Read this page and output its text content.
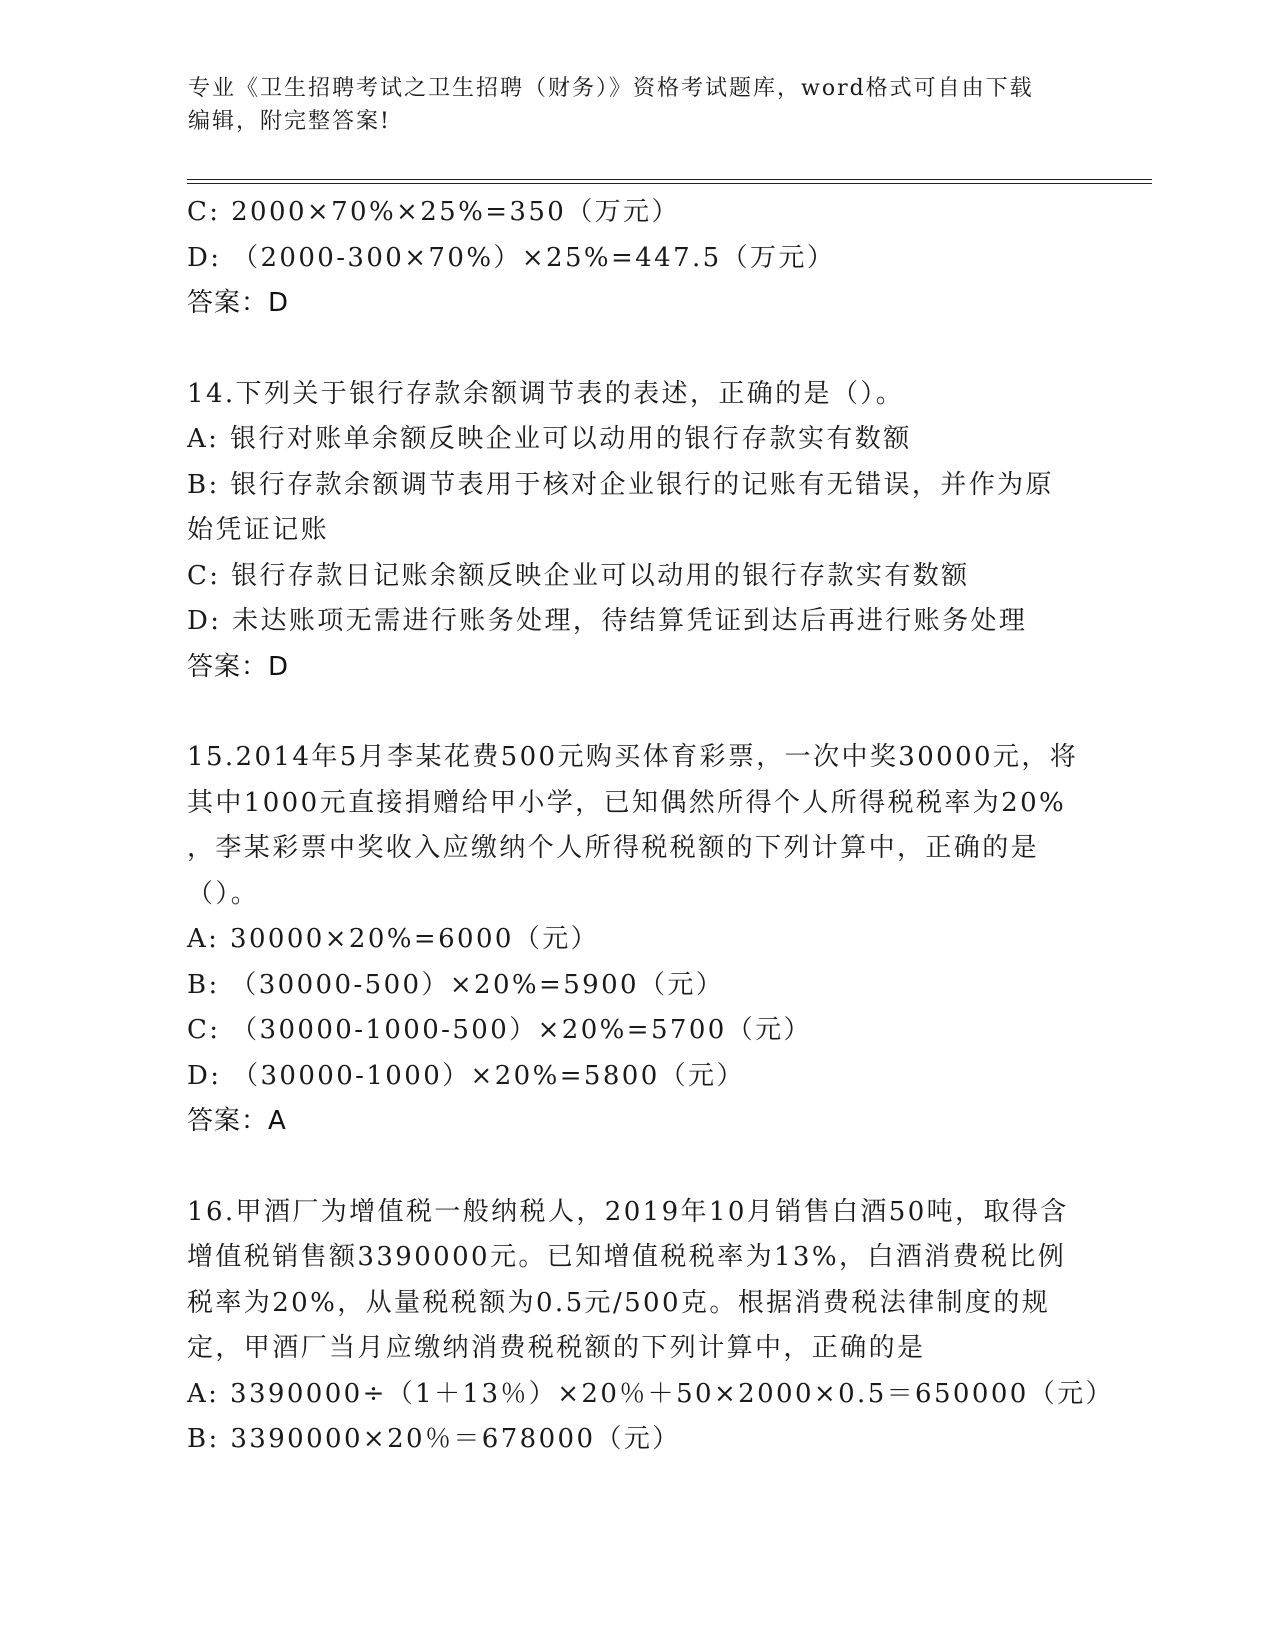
专业《卫生招聘考试之卫生招聘（财务）》资格考试题库，word格式可自由下载
编辑，附完整答案!
C: 2000×70%×25%=350（万元）
D: （2000-300×70%）×25%=447.5（万元）
答案：D
14.下列关于银行存款余额调节表的表述，正确的是（）。
A: 银行对账单余额反映企业可以动用的银行存款实有数额
B: 银行存款余额调节表用于核对企业银行的记账有无错误，并作为原
始凭证记账
C: 银行存款日记账余额反映企业可以动用的银行存款实有数额
D: 未达账项无需进行账务处理，待结算凭证到达后再进行账务处理
答案：D
15.2014年5月李某花费500元购买体育彩票，一次中奖30000元，将
其中1000元直接捐赠给甲小学，已知偶然所得个人所得税税率为20%
，李某彩票中奖收入应缴纳个人所得税税额的下列计算中，正确的是
（）。
A: 30000×20%=6000（元）
B: （30000-500）×20%=5900（元）
C: （30000-1000-500）×20%=5700（元）
D: （30000-1000）×20%=5800（元）
答案：A
16.甲酒厂为增值税一般纳税人，2019年10月销售白酒50吨，取得含
增值税销售额3390000元。已知增值税税率为13%，白酒消费税比例
税率为20%，从量税税额为0.5元/500克。根据消费税法律制度的规
定，甲酒厂当月应缴纳消费税税额的下列计算中，正确的是
A: 3390000÷（1＋13％）×20％＋50×2000×0.5＝650000（元）
B: 3390000×20％＝678000（元）
